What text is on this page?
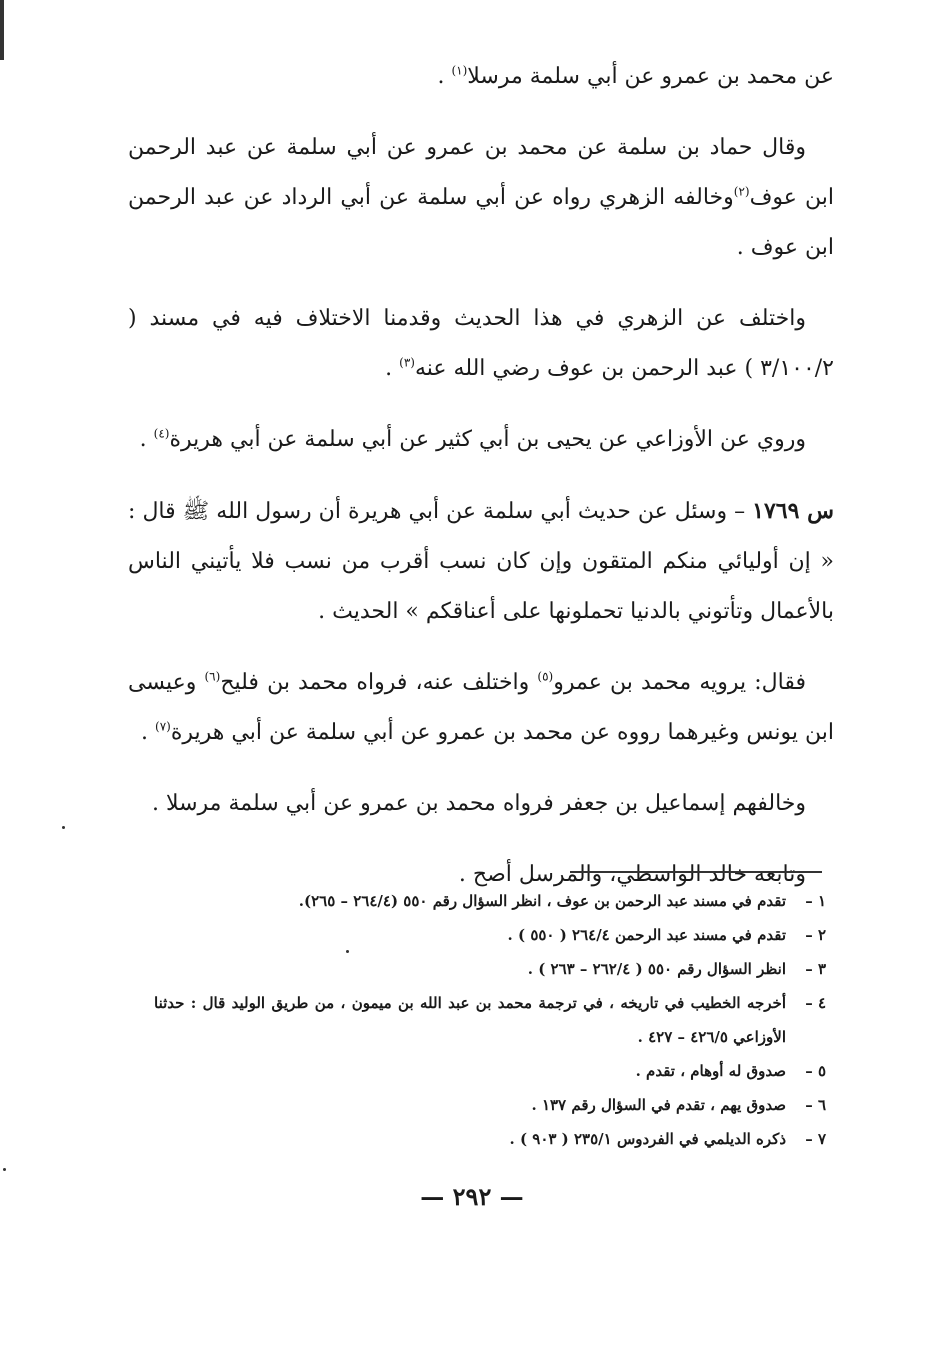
عن محمد بن عمرو عن أبي سلمة مرسلا$^{(١)}$ .

وقال حماد بن سلمة عن محمد بن عمرو عن أبي سلمة عن عبد الرحمن ابن عوف$^{(٢)}$وخالفه الزهري رواه عن أبي سلمة عن أبي الرداد عن عبد الرحمن ابن عوف .

واختلف عن الزهري في هذا الحديث وقدمنا الاختلاف فيه في مسند ( ٣/١٠٠/٢ ) عبد الرحمن بن عوف رضي الله عنه$^{(٣)}$ .

وروي عن الأوزاعي عن يحيى بن أبي كثير عن أبي سلمة عن أبي هريرة$^{(٤)}$ .

س ١٧٦٩ – وسئل عن حديث أبي سلمة عن أبي هريرة أن رسول الله ﷺ قال : « إن أوليائي منكم المتقون وإن كان نسب أقرب من نسب فلا يأتيني الناس بالأعمال وتأتوني بالدنيا تحملونها على أعناقكم » الحديث .

فقال: يرويه محمد بن عمرو$^{(٥)}$ واختلف عنه، فرواه محمد بن فليح$^{(٦)}$ وعيسى ابن يونس وغيرهما رووه عن محمد بن عمرو عن أبي سلمة عن أبي هريرة$^{(٧)}$ .

وخالفهم إسماعيل بن جعفر فرواه محمد بن عمرو عن أبي سلمة مرسلا .

وتابعه خالد الواسطي، والمرسل أصح .

١ –
تقدم في مسند عبد الرحمن بن عوف ، انظر السؤال رقم ٥٥٠ (٢٦٤/٤ – ٢٦٥).
٢ –
تقدم في مسند عبد الرحمن ٢٦٤/٤ ( ٥٥٠ ) .
٣ –
انظر السؤال رقم ٥٥٠ ( ٢٦٢/٤ – ٢٦٣ ) .
٤ –
أخرجه الخطيب في تاريخه ، في ترجمة محمد بن عبد الله بن ميمون ، من طريق الوليد قال : حدثنا الأوزاعي ٤٢٦/٥ – ٤٢٧ .
٥ –
صدوق له أوهام ، تقدم .
٦ –
صدوق يهم ، تقدم في السؤال رقم ١٣٧ .
٧ –
ذكره الديلمي في الفردوس ٢٣٥/١ ( ٩٠٣ ) .
— ٢٩٢ —
